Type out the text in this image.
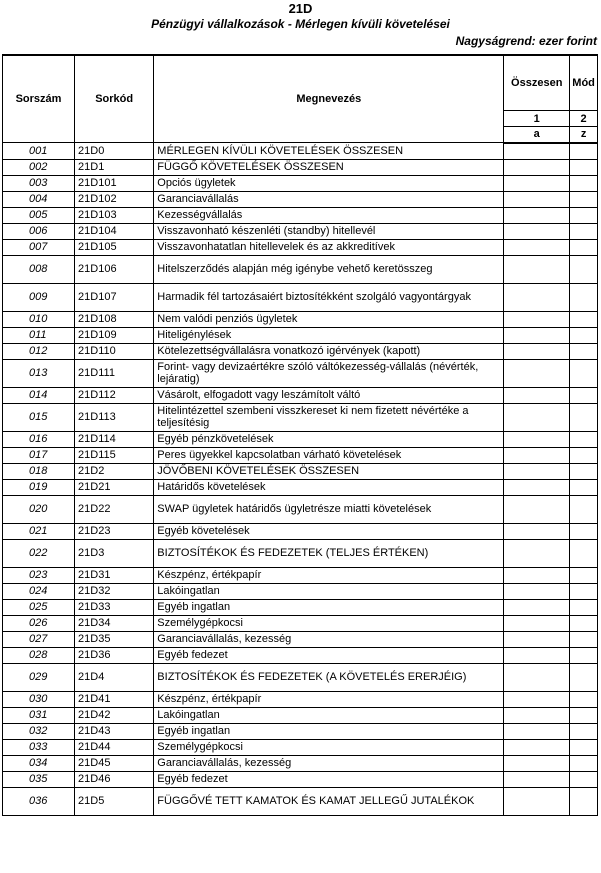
21D
Pénzügyi vállalkozások - Mérlegen kívüli követelései
Nagyságrend: ezer forint
Sorszám	Sorkód	Megnevezés	Összesen	Mód
			1	2
			a	z
001	21D0	MÉRLEGEN KÍVÜLI KÖVETELÉSEK ÖSSZESEN		
002	21D1	FÜGGŐ KÖVETELÉSEK ÖSSZESEN		
003	21D101	Opciós ügyletek		
004	21D102	Garanciavállalás		
005	21D103	Kezességvállalás		
006	21D104	Visszavonható készenléti (standby) hitellevél		
007	21D105	Visszavonhatatlan hitellevelek és az akkreditívek		
008	21D106	Hitelszerződés alapján még igénybe vehető keretösszeg		
009	21D107	Harmadik fél tartozásaiért biztosítékként szolgáló vagyontárgyak		
010	21D108	Nem valódi penziós ügyletek		
011	21D109	Hiteligénylések		
012	21D110	Kötelezettségvállalásra vonatkozó igérvények (kapott)		
013	21D111	Forint- vagy devizaértékre szóló váltókezesség-vállalás (névérték, lejáratig)		
014	21D112	Vásárolt, elfogadott vagy leszámítolt váltó		
015	21D113	Hitelintézettel szembeni visszkereset ki nem fizetett névértéke a teljesítésig		
016	21D114	Egyéb pénzkövetelések		
017	21D115	Peres ügyekkel kapcsolatban várható követelések		
018	21D2	JÖVŐBENI KÖVETELÉSEK ÖSSZESEN		
019	21D21	Határidős követelések		
020	21D22	SWAP ügyletek határidős ügyletrésze miatti követelések		
021	21D23	Egyéb követelések		
022	21D3	BIZTOSÍTÉKOK ÉS FEDEZETEK (TELJES ÉRTÉKEN)		
023	21D31	Készpénz, értékpapír		
024	21D32	Lakóingatlan		
025	21D33	Egyéb ingatlan		
026	21D34	Személygépkocsi		
027	21D35	Garanciavállalás, kezesség		
028	21D36	Egyéb fedezet		
029	21D4	BIZTOSÍTÉKOK ÉS FEDEZETEK (A KÖVETELÉS ERERJÉIG)		
030	21D41	Készpénz, értékpapír		
031	21D42	Lakóingatlan		
032	21D43	Egyéb ingatlan		
033	21D44	Személygépkocsi		
034	21D45	Garanciavállalás, kezesség		
035	21D46	Egyéb fedezet		
036	21D5	FÜGGŐVÉ TETT KAMATOK ÉS KAMAT JELLEGŰ JUTALÉKOK		
